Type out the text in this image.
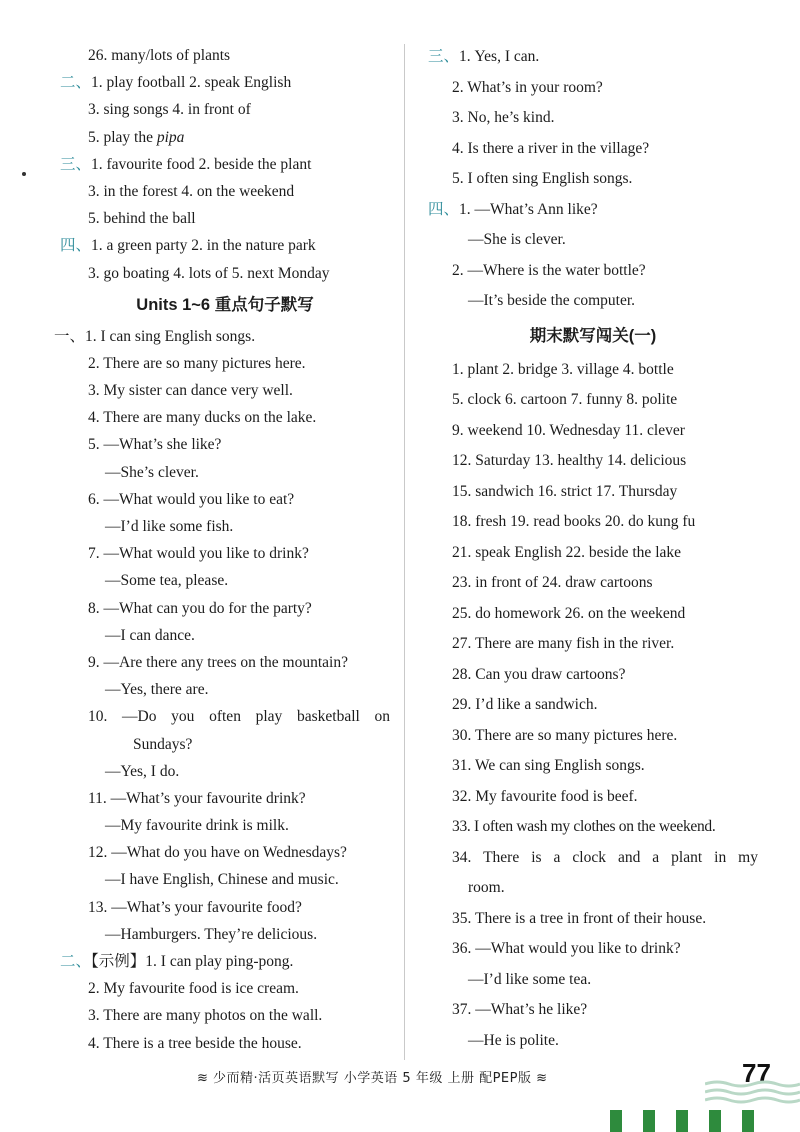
26. many/lots of plants
二、1. play football 2. speak English
3. sing songs 4. in front of
5. play the pipa
三、1. favourite food 2. beside the plant
3. in the forest 4. on the weekend
5. behind the ball
四、1. a green party 2. in the nature park
3. go boating 4. lots of 5. next Monday
Units 1~6 重点句子默写
一、1. I can sing English songs.
2. There are so many pictures here.
3. My sister can dance very well.
4. There are many ducks on the lake.
5. —What’s she like?
—She’s clever.
6. —What would you like to eat?
—I’d like some fish.
7. —What would you like to drink?
—Some tea, please.
8. —What can you do for the party?
—I can dance.
9. —Are there any trees on the mountain?
—Yes, there are.
10. —Do you often play basketball on
Sundays?
—Yes, I do.
11. —What’s your favourite drink?
—My favourite drink is milk.
12. —What do you have on Wednesdays?
—I have English, Chinese and music.
13. —What’s your favourite food?
—Hamburgers. They’re delicious.
二、【示例】1. I can play ping-pong.
2. My favourite food is ice cream.
3. There are many photos on the wall.
4. There is a tree beside the house.
三、1. Yes, I can.
2. What’s in your room?
3. No, he’s kind.
4. Is there a river in the village?
5. I often sing English songs.
四、1. —What’s Ann like?
—She is clever.
2. —Where is the water bottle?
—It’s beside the computer.
期末默写闯关(一)
1. plant 2. bridge 3. village 4. bottle
5. clock 6. cartoon 7. funny 8. polite
9. weekend 10. Wednesday 11. clever
12. Saturday 13. healthy 14. delicious
15. sandwich 16. strict 17. Thursday
18. fresh 19. read books 20. do kung fu
21. speak English 22. beside the lake
23. in front of 24. draw cartoons
25. do homework 26. on the weekend
27. There are many fish in the river.
28. Can you draw cartoons?
29. I’d like a sandwich.
30. There are so many pictures here.
31. We can sing English songs.
32. My favourite food is beef.
33. I often wash my clothes on the weekend.
34. There is a clock and a plant in my
room.
35. There is a tree in front of their house.
36. —What would you like to drink?
—I’d like some tea.
37. —What’s he like?
—He is polite.
≋ 少而精·活页英语默写 小学英语 5 年级 上册 配PEP版 ≋	77
